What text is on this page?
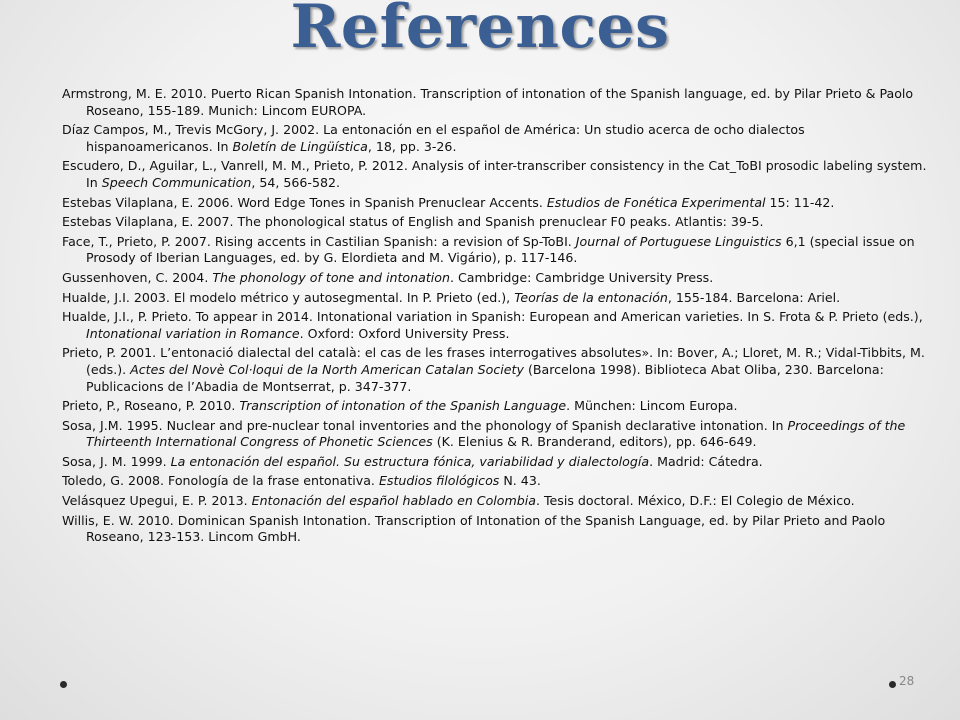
References

Armstrong, M. E. 2010. Puerto Rican Spanish Intonation. Transcription of intonation of the Spanish language, ed. by Pilar Prieto & Paolo Roseano, 155-189. Munich: Lincom EUROPA.

Díaz Campos, M., Trevis McGory, J. 2002. La entonación en el español de América: Un studio acerca de ocho dialectos hispanoamericanos. In Boletín de Lingüística, 18, pp. 3-26.

Escudero, D., Aguilar, L., Vanrell, M. M., Prieto, P. 2012. Analysis of inter-transcriber consistency in the Cat_ToBI prosodic labeling system. In Speech Communication, 54, 566-582.

Estebas Vilaplana, E. 2006. Word Edge Tones in Spanish Prenuclear Accents. Estudios de Fonética Experimental 15: 11-42.

Estebas Vilaplana, E. 2007. The phonological status of English and Spanish prenuclear F0 peaks. Atlantis: 39-5.

Face, T., Prieto, P. 2007. Rising accents in Castilian Spanish: a revision of Sp-ToBI. Journal of Portuguese Linguistics 6,1 (special issue on Prosody of Iberian Languages, ed. by G. Elordieta and M. Vigário), p. 117-146.

Gussenhoven, C. 2004. The phonology of tone and intonation. Cambridge: Cambridge University Press.

Hualde, J.I. 2003. El modelo métrico y autosegmental. In P. Prieto (ed.), Teorías de la entonación, 155-184. Barcelona: Ariel.

Hualde, J.I., P. Prieto. To appear in 2014. Intonational variation in Spanish: European and American varieties. In S. Frota & P. Prieto (eds.), Intonational variation in Romance. Oxford: Oxford University Press.

Prieto, P. 2001. L’entonació dialectal del català: el cas de les frases interrogatives absolutes». In: Bover, A.; Lloret, M. R.; Vidal-Tibbits, M. (eds.). Actes del Novè Col·loqui de la North American Catalan Society (Barcelona 1998). Biblioteca Abat Oliba, 230. Barcelona: Publicacions de l’Abadia de Montserrat, p. 347-377.

Prieto, P., Roseano, P. 2010. Transcription of intonation of the Spanish Language. München: Lincom Europa.

Sosa, J.M. 1995. Nuclear and pre-nuclear tonal inventories and the phonology of Spanish declarative intonation. In Proceedings of the Thirteenth International Congress of Phonetic Sciences (K. Elenius & R. Branderand, editors), pp. 646-649.

Sosa, J. M. 1999. La entonación del español. Su estructura fónica, variabilidad y dialectología. Madrid: Cátedra.

Toledo, G. 2008. Fonología de la frase entonativa. Estudios filológicos N. 43.

Velásquez Upegui, E. P. 2013. Entonación del español hablado en Colombia. Tesis doctoral. México, D.F.: El Colegio de México.

Willis, E. W. 2010. Dominican Spanish Intonation. Transcription of Intonation of the Spanish Language, ed. by Pilar Prieto and Paolo Roseano, 123-153. Lincom GmbH.

28
